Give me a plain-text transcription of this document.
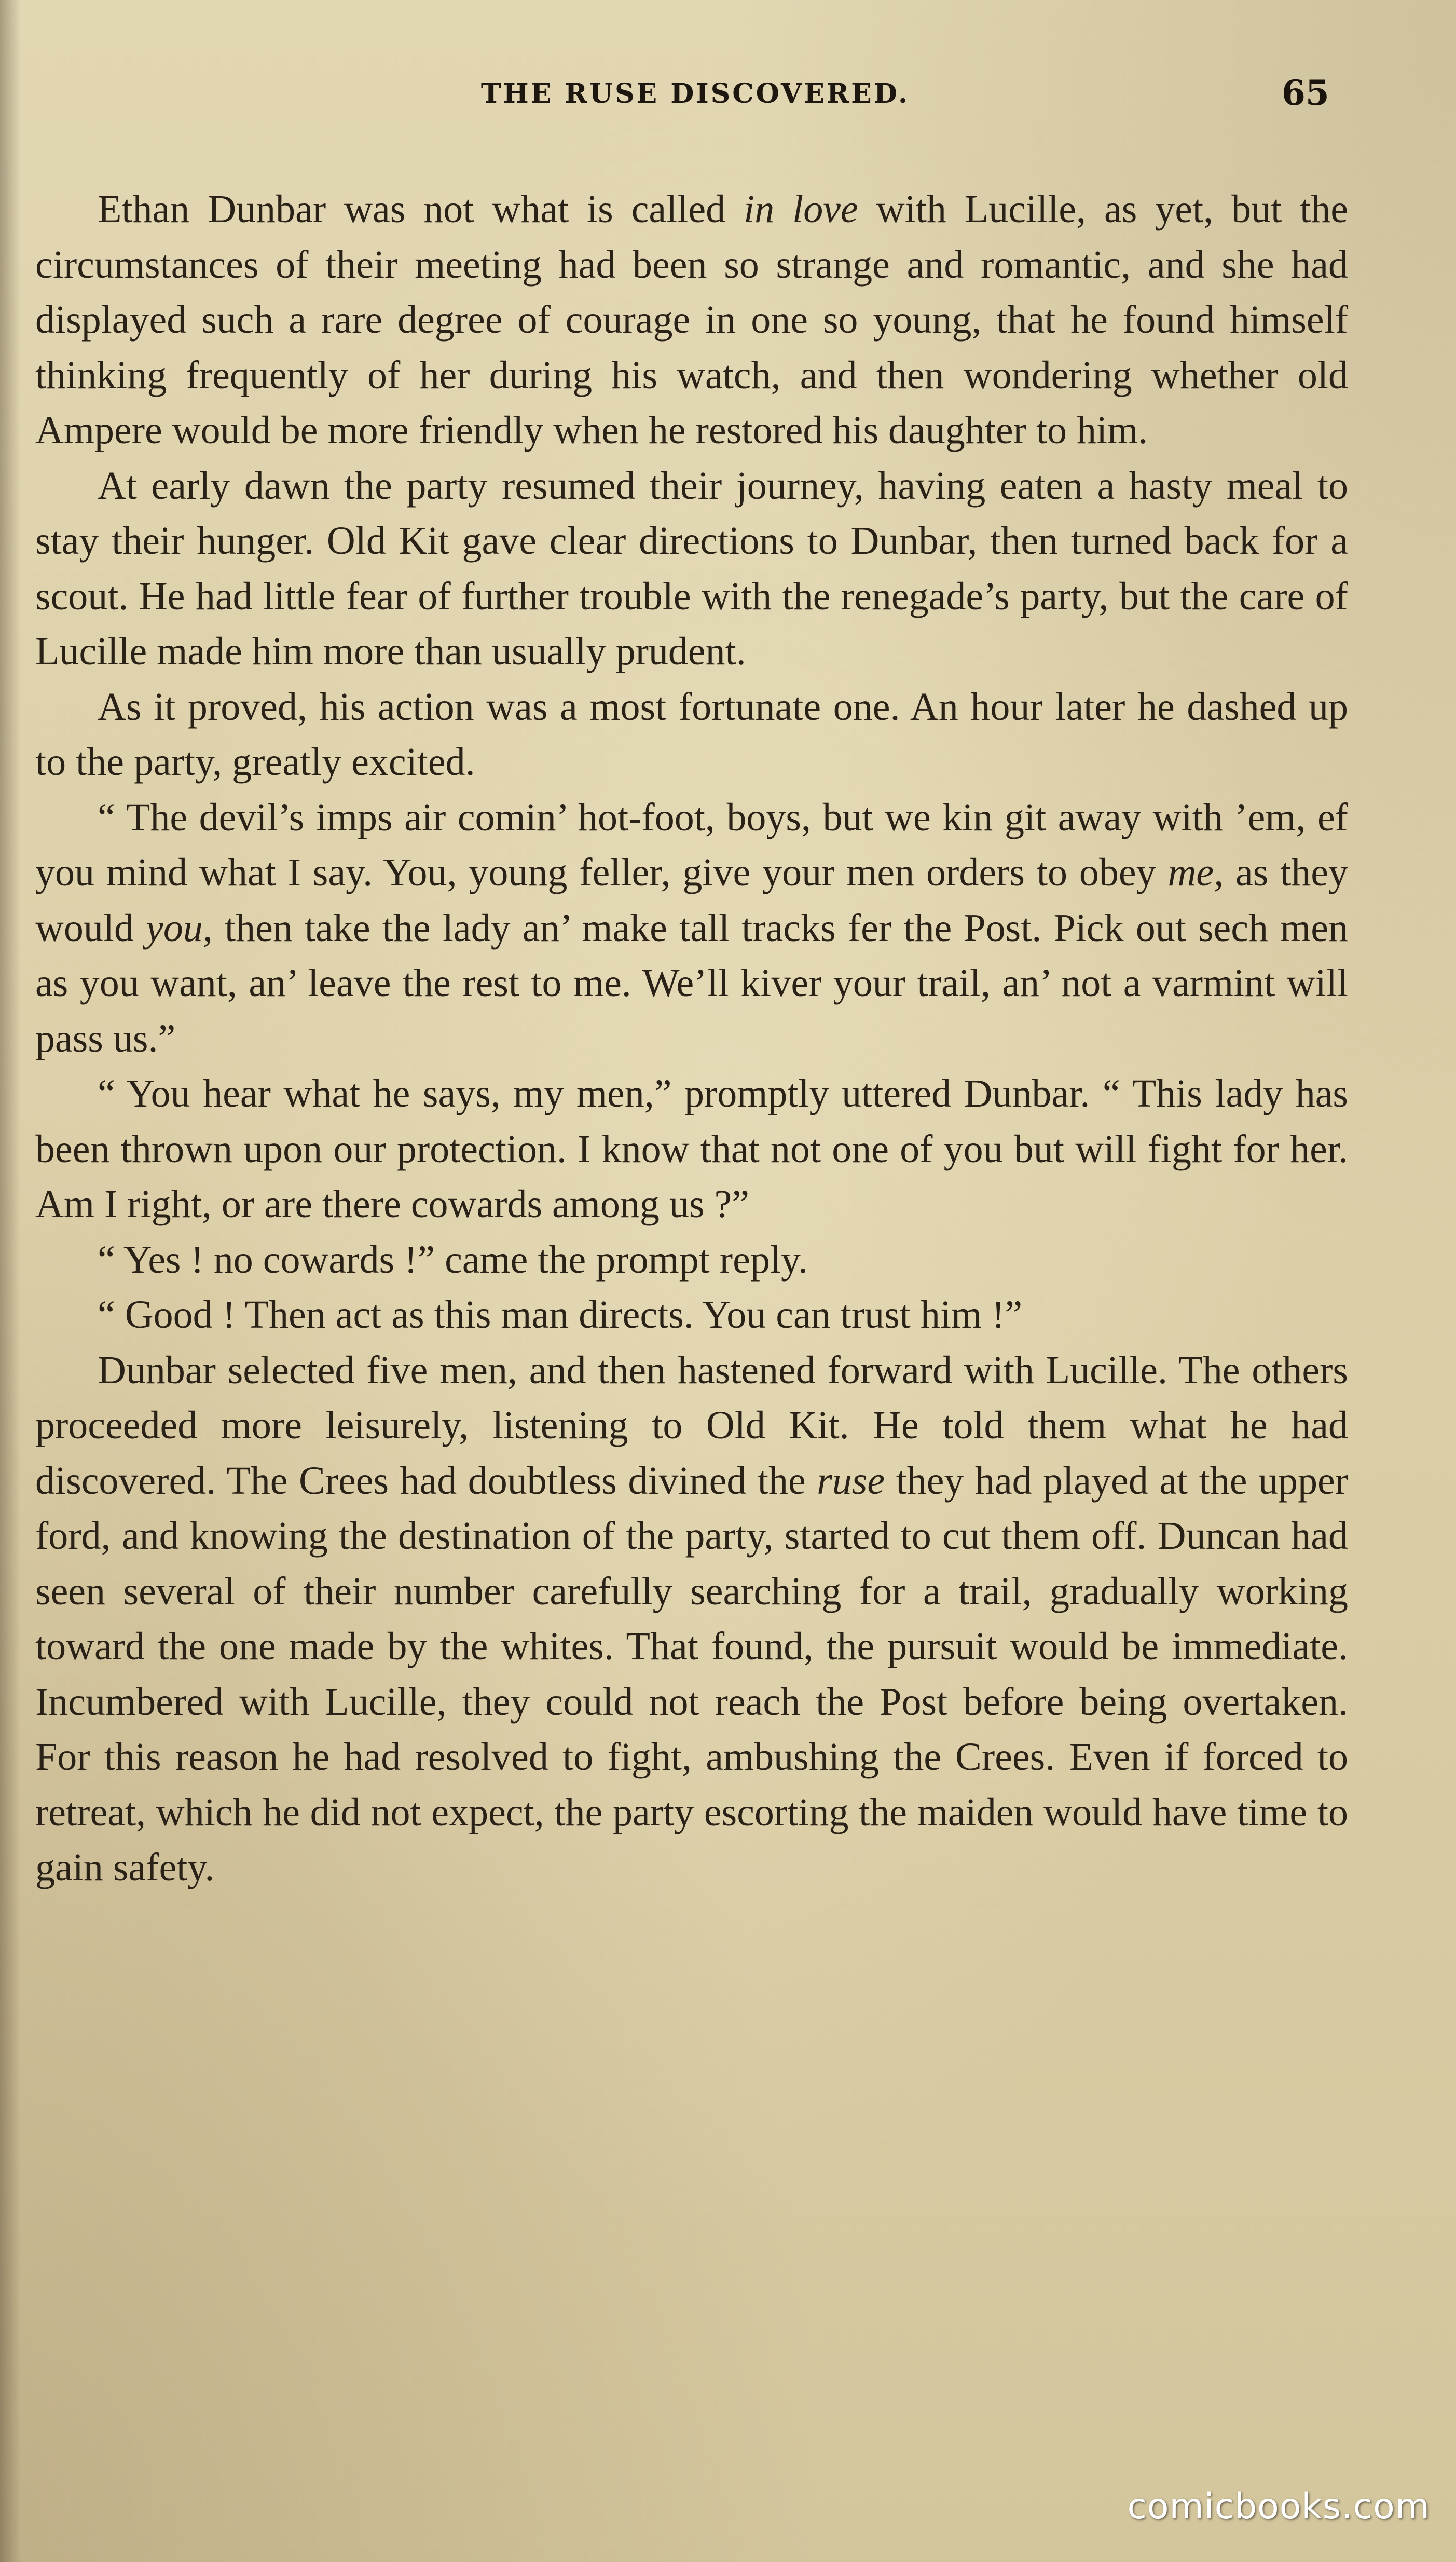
THE RUSE DISCOVERED.	65

Ethan Dunbar was not what is called in love with Lucille, as yet, but the circumstances of their meeting had been so strange and romantic, and she had displayed such a rare degree of courage in one so young, that he found himself thinking frequently of her during his watch, and then wondering whether old Ampere would be more friendly when he restored his daughter to him.

At early dawn the party resumed their journey, having eaten a hasty meal to stay their hunger. Old Kit gave clear directions to Dunbar, then turned back for a scout. He had little fear of further trouble with the renegade’s party, but the care of Lucille made him more than usually prudent.

As it proved, his action was a most fortunate one. An hour later he dashed up to the party, greatly excited.

“ The devil’s imps air comin’ hot-foot, boys, but we kin git away with ’em, ef you mind what I say. You, young feller, give your men orders to obey me, as they would you, then take the lady an’ make tall tracks fer the Post. Pick out sech men as you want, an’ leave the rest to me. We’ll kiver your trail, an’ not a varmint will pass us.”

“ You hear what he says, my men,” promptly uttered Dunbar. “ This lady has been thrown upon our protection. I know that not one of you but will fight for her. Am I right, or are there cowards among us ?”

“ Yes ! no cowards !” came the prompt reply.

“ Good ! Then act as this man directs. You can trust him !”

Dunbar selected five men, and then hastened forward with Lucille. The others proceeded more leisurely, listening to Old Kit. He told them what he had discovered. The Crees had doubtless divined the ruse they had played at the upper ford, and knowing the destination of the party, started to cut them off. Duncan had seen several of their number carefully searching for a trail, gradually working toward the one made by the whites. That found, the pursuit would be immediate. Incumbered with Lucille, they could not reach the Post before being overtaken. For this reason he had resolved to fight, ambushing the Crees. Even if forced to retreat, which he did not expect, the party escorting the maiden would have time to gain safety.

comicbooks.com
